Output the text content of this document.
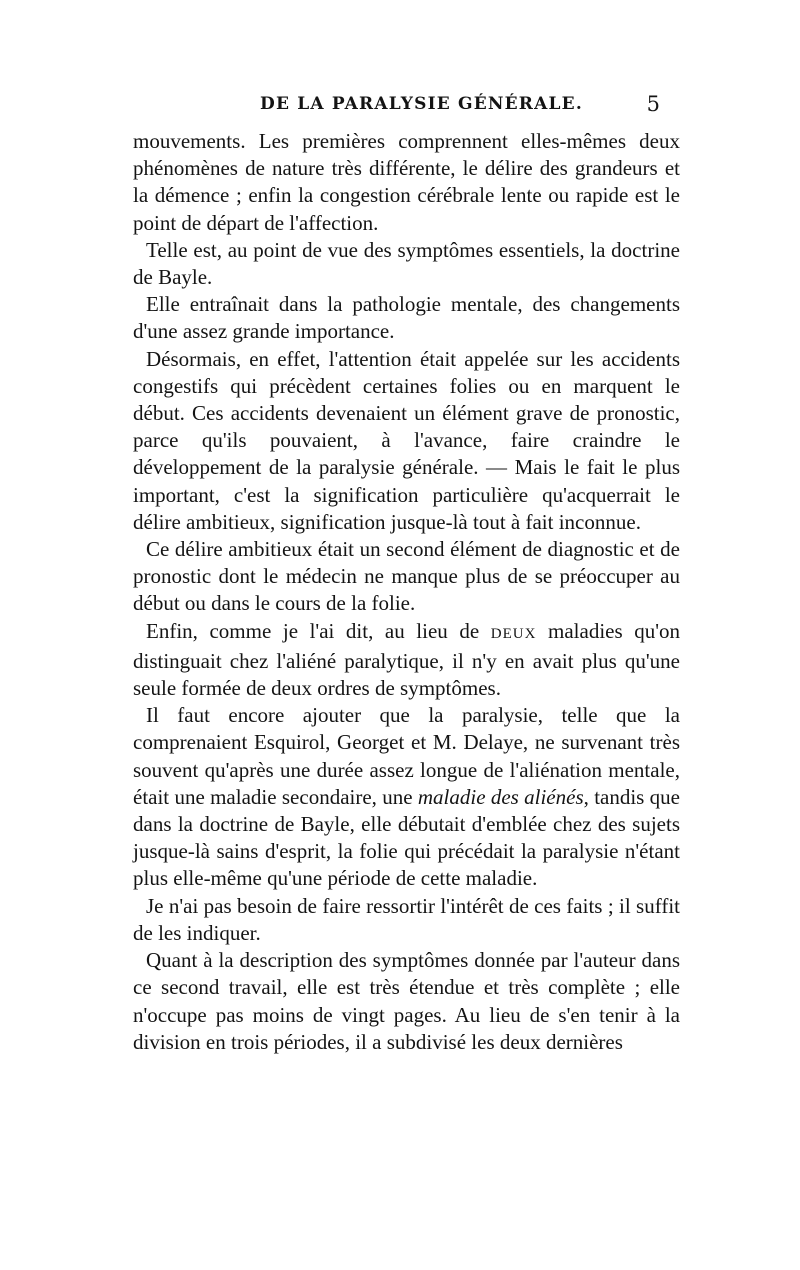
DE LA PARALYSIE GÉNÉRALE.	5

mouvements. Les premières comprennent elles-mêmes deux phénomènes de nature très différente, le délire des grandeurs et la démence ; enfin la congestion cérébrale lente ou rapide est le point de départ de l'affection.

Telle est, au point de vue des symptômes essentiels, la doctrine de Bayle.

Elle entraînait dans la pathologie mentale, des changements d'une assez grande importance.

Désormais, en effet, l'attention était appelée sur les accidents congestifs qui précèdent certaines folies ou en marquent le début. Ces accidents devenaient un élément grave de pronostic, parce qu'ils pouvaient, à l'avance, faire craindre le développement de la paralysie générale. — Mais le fait le plus important, c'est la signification particulière qu'acquerrait le délire ambitieux, signification jusque-là tout à fait inconnue.

Ce délire ambitieux était un second élément de diagnostic et de pronostic dont le médecin ne manque plus de se préoccuper au début ou dans le cours de la folie.

Enfin, comme je l'ai dit, au lieu de DEUX maladies qu'on distinguait chez l'aliéné paralytique, il n'y en avait plus qu'une seule formée de deux ordres de symptômes.

Il faut encore ajouter que la paralysie, telle que la comprenaient Esquirol, Georget et M. Delaye, ne survenant très souvent qu'après une durée assez longue de l'aliénation mentale, était une maladie secondaire, une maladie des aliénés, tandis que dans la doctrine de Bayle, elle débutait d'emblée chez des sujets jusque-là sains d'esprit, la folie qui précédait la paralysie n'étant plus elle-même qu'une période de cette maladie.

Je n'ai pas besoin de faire ressortir l'intérêt de ces faits ; il suffit de les indiquer.

Quant à la description des symptômes donnée par l'auteur dans ce second travail, elle est très étendue et très complète ; elle n'occupe pas moins de vingt pages. Au lieu de s'en tenir à la division en trois périodes, il a subdivisé les deux dernières
